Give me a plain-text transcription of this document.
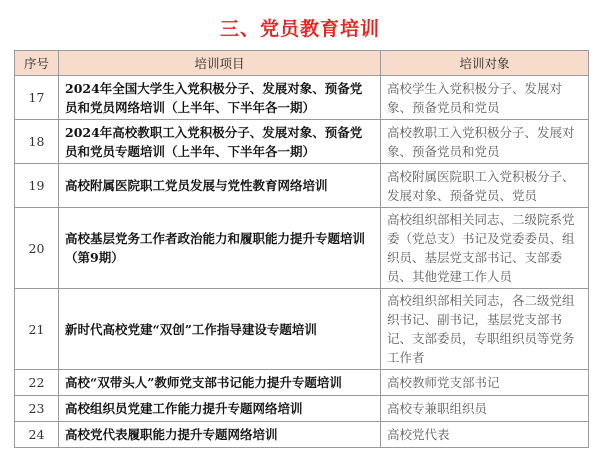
三、党员教育培训
序号	培训项目	培训对象
17	2024年全国大学生入党积极分子、发展对象、预备党员和党员网络培训（上半年、下半年各一期）	高校学生入党积极分子、发展对象、预备党员和党员
18	2024年高校教职工入党积极分子、发展对象、预备党员和党员专题培训（上半年、下半年各一期）	高校教职工入党积极分子、发展对象、预备党员和党员
19	高校附属医院职工党员发展与党性教育网络培训	高校附属医院职工入党积极分子、发展对象、预备党员、党员
20	高校基层党务工作者政治能力和履职能力提升专题培训（第9期）	高校组织部相关同志、二级院系党委（党总支）书记及党委委员、组织员、基层党支部书记、支部委员、其他党建工作人员
21	新时代高校党建“双创”工作指导建设专题培训	高校组织部相关同志，各二级党组织书记、副书记，基层党支部书记、支部委员，专职组织员等党务工作者
22	高校“双带头人”教师党支部书记能力提升专题培训	高校教师党支部书记
23	高校组织员党建工作能力提升专题网络培训	高校专兼职组织员
24	高校党代表履职能力提升专题网络培训	高校党代表
